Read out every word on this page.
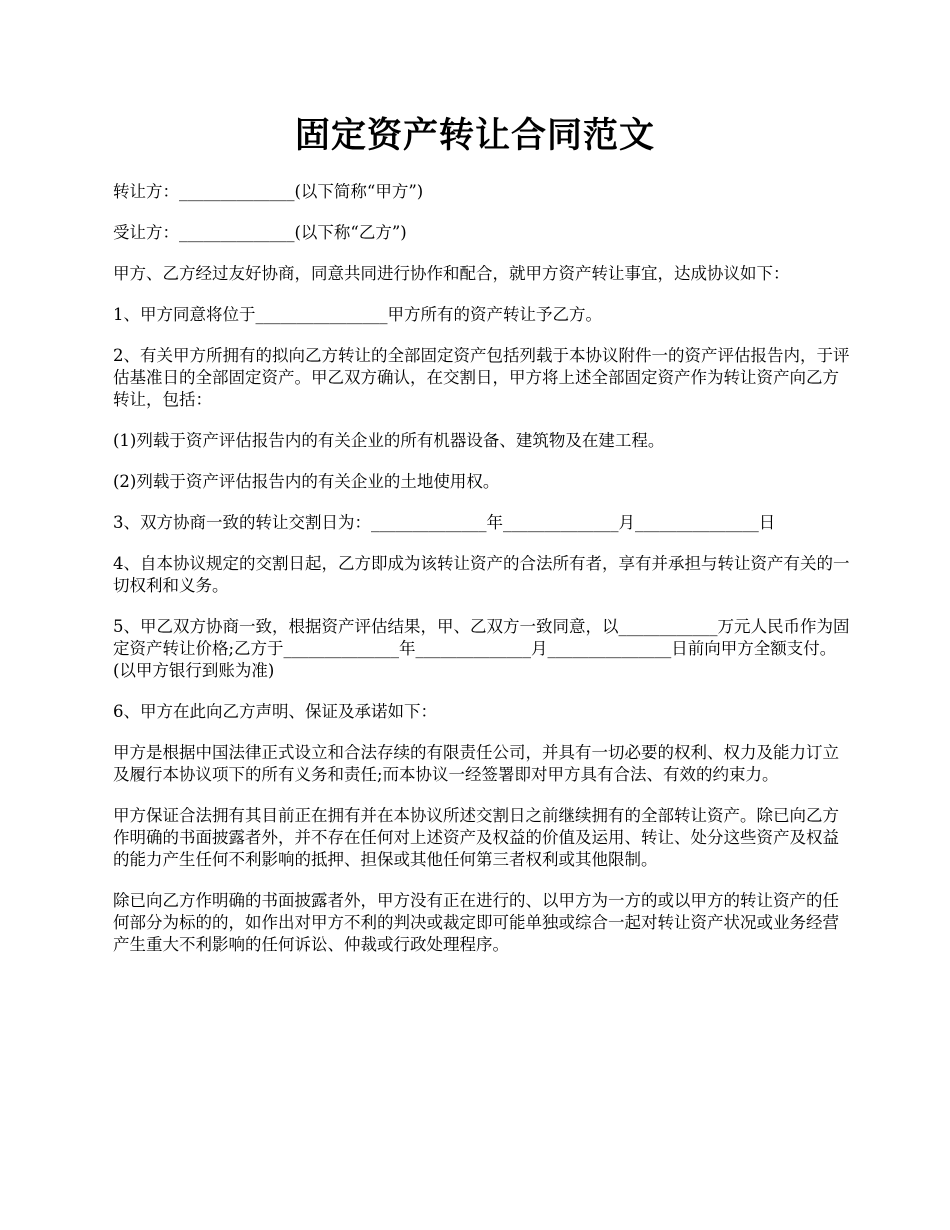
固定资产转让合同范文

转让方：______________(以下简称“甲方”)

受让方：______________(以下称“乙方”)

甲方、乙方经过友好协商，同意共同进行协作和配合，就甲方资产转让事宜，达成协议如下：

1、甲方同意将位于________________甲方所有的资产转让予乙方。

2、有关甲方所拥有的拟向乙方转让的全部固定资产包括列载于本协议附件一的资产评估报告内，于评估基准日的全部固定资产。甲乙双方确认，在交割日，甲方将上述全部固定资产作为转让资产向乙方转让，包括：

(1)列载于资产评估报告内的有关企业的所有机器设备、建筑物及在建工程。

(2)列载于资产评估报告内的有关企业的土地使用权。

3、双方协商一致的转让交割日为：______________年______________月_______________日

4、自本协议规定的交割日起，乙方即成为该转让资产的合法所有者，享有并承担与转让资产有关的一切权利和义务。

5、甲乙双方协商一致，根据资产评估结果，甲、乙双方一致同意，以____________万元人民币作为固定资产转让价格;乙方于______________年______________月_______________日前向甲方全额支付。(以甲方银行到账为准)

6、甲方在此向乙方声明、保证及承诺如下：

甲方是根据中国法律正式设立和合法存续的有限责任公司，并具有一切必要的权利、权力及能力订立及履行本协议项下的所有义务和责任;而本协议一经签署即对甲方具有合法、有效的约束力。

甲方保证合法拥有其目前正在拥有并在本协议所述交割日之前继续拥有的全部转让资产。除已向乙方作明确的书面披露者外，并不存在任何对上述资产及权益的价值及运用、转让、处分这些资产及权益的能力产生任何不利影响的抵押、担保或其他任何第三者权利或其他限制。

除已向乙方作明确的书面披露者外，甲方没有正在进行的、以甲方为一方的或以甲方的转让资产的任何部分为标的的，如作出对甲方不利的判决或裁定即可能单独或综合一起对转让资产状况或业务经营产生重大不利影响的任何诉讼、仲裁或行政处理程序。
